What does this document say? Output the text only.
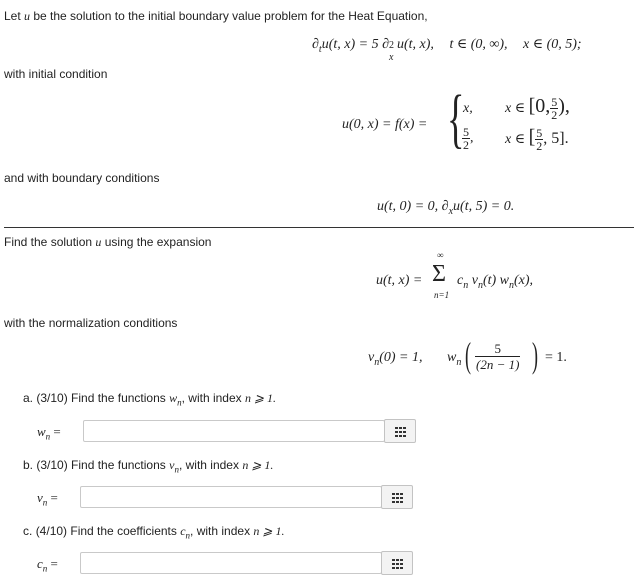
Let u be the solution to the initial boundary value problem for the Heat Equation,
$\partial_tu(t$, x) = 5 ∂ 2
x
u(t, x), t ∈ (0, ∞), x ∈ (0, 5);
with initial condition
u(0, x) = f(x) = {
x, x ∈ [0, $\frac{5}{2}$ ),
$\frac{5}{2}$ , x ∈ [ $\frac{5}{2}$ , 5].
and with boundary conditions
u(t, 0) = 0, $\partial_xu(t$, 5) = 0.
Find the solution u using the expansion
u(t, x) =
∞
Σ
n=1
$c_n$ $v_n(t)$ $w_n(x)$,
with the normalization conditions
$v_n(0) = 1$, $w_n$ ( $\frac{5}{(2n - 1)}$ ) = 1.
a. (3/10) Find the functions $w_n$, with index n ⩾ 1.
$w_n$ =
b. (3/10) Find the functions $v_n$, with index n ⩾ 1.
$v_n$ =
c. (4/10) Find the coefficients $c_n$, with index n ⩾ 1.
$c_n$ =
